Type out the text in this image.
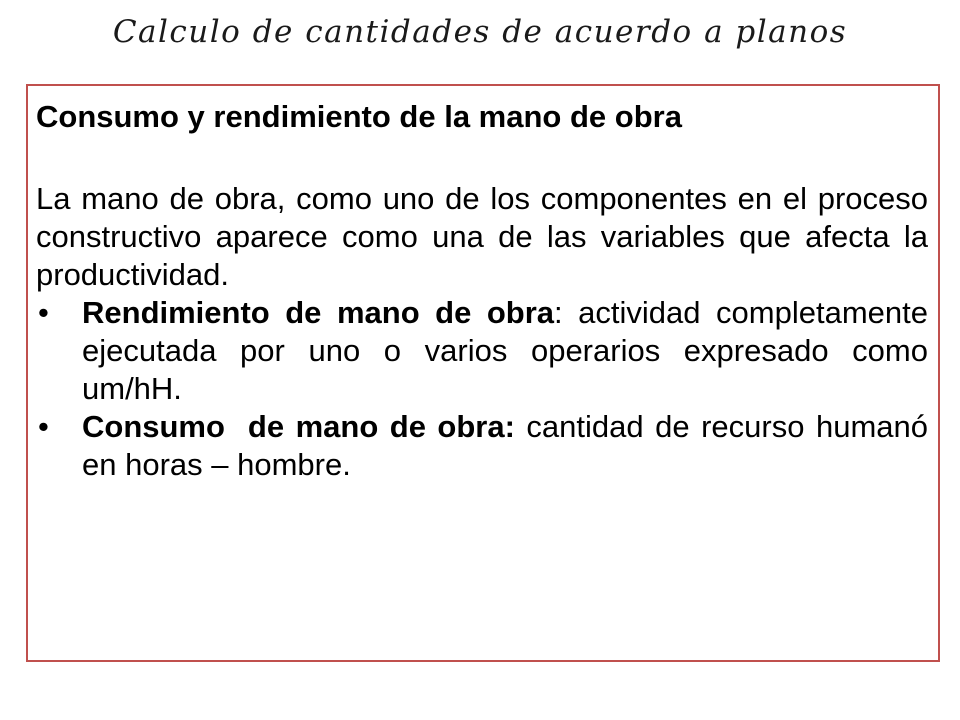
Calculo de cantidades de acuerdo a planos

Consumo y rendimiento de la mano de obra

La mano de obra, como uno de los componentes en el proceso constructivo aparece como una de las variables que afecta la productividad.

• Rendimiento de mano de obra: actividad completamente ejecutada por uno o varios operarios expresado como um/hH.
• Consumo  de mano de obra: cantidad de recurso humanó en horas – hombre.
